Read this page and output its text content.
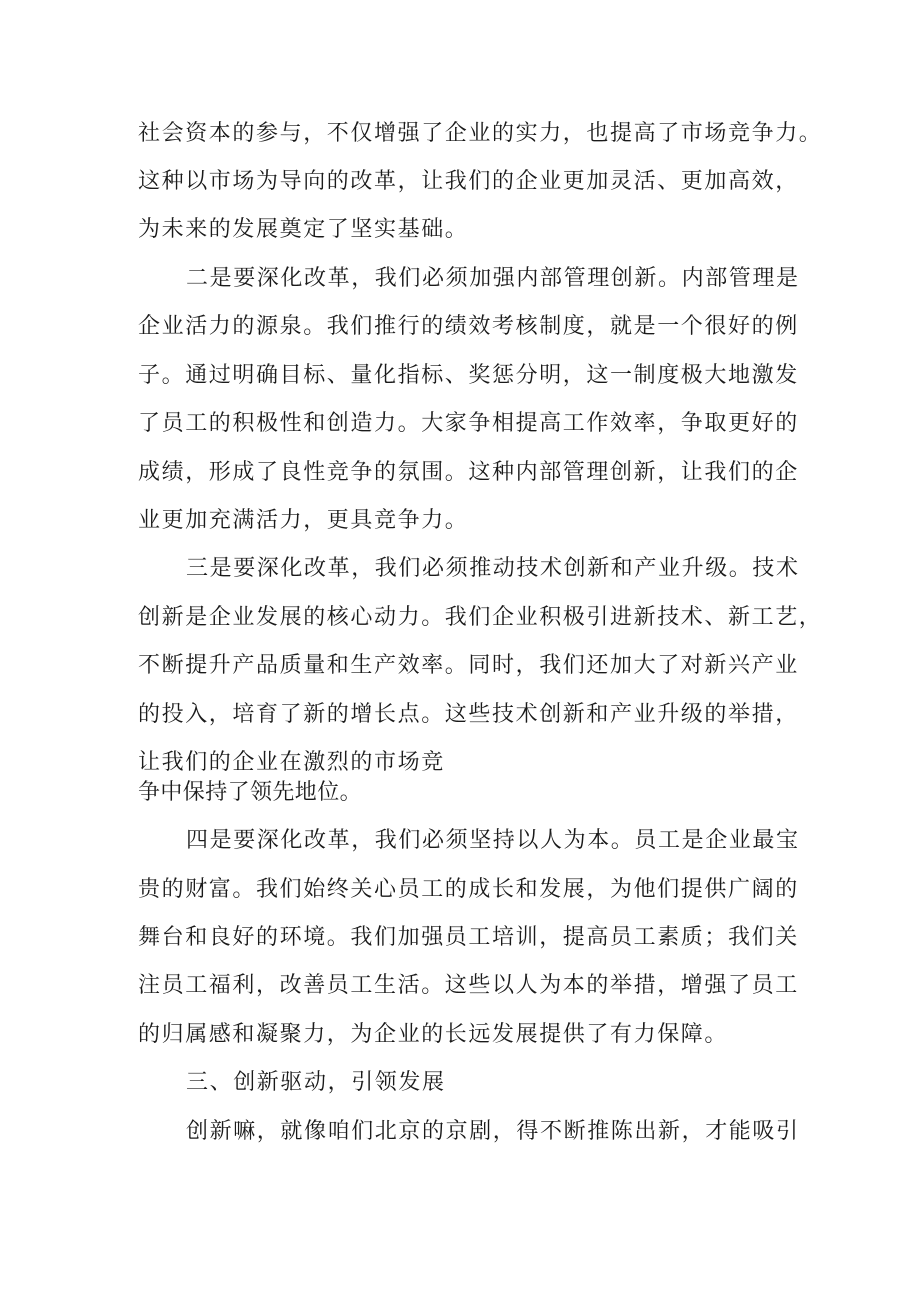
社会资本的参与，不仅增强了企业的实力，也提高了市场竞争力。
这种以市场为导向的改革，让我们的企业更加灵活、更加高效，
为未来的发展奠定了坚实基础。
二是要深化改革，我们必须加强内部管理创新。内部管理是
企业活力的源泉。我们推行的绩效考核制度，就是一个很好的例
子。通过明确目标、量化指标、奖惩分明，这一制度极大地激发
了员工的积极性和创造力。大家争相提高工作效率，争取更好的
成绩，形成了良性竞争的氛围。这种内部管理创新，让我们的企
业更加充满活力，更具竞争力。
三是要深化改革，我们必须推动技术创新和产业升级。技术
创新是企业发展的核心动力。我们企业积极引进新技术、新工艺，
不断提升产品质量和生产效率。同时，我们还加大了对新兴产业
的投入，培育了新的增长点。这些技术创新和产业升级的举措，
让我们的企业在激烈的市场竞
争中保持了领先地位。
四是要深化改革，我们必须坚持以人为本。员工是企业最宝
贵的财富。我们始终关心员工的成长和发展，为他们提供广阔的
舞台和良好的环境。我们加强员工培训，提高员工素质；我们关
注员工福利，改善员工生活。这些以人为本的举措，增强了员工
的归属感和凝聚力，为企业的长远发展提供了有力保障。
三、创新驱动，引领发展
创新嘛，就像咱们北京的京剧，得不断推陈出新，才能吸引
